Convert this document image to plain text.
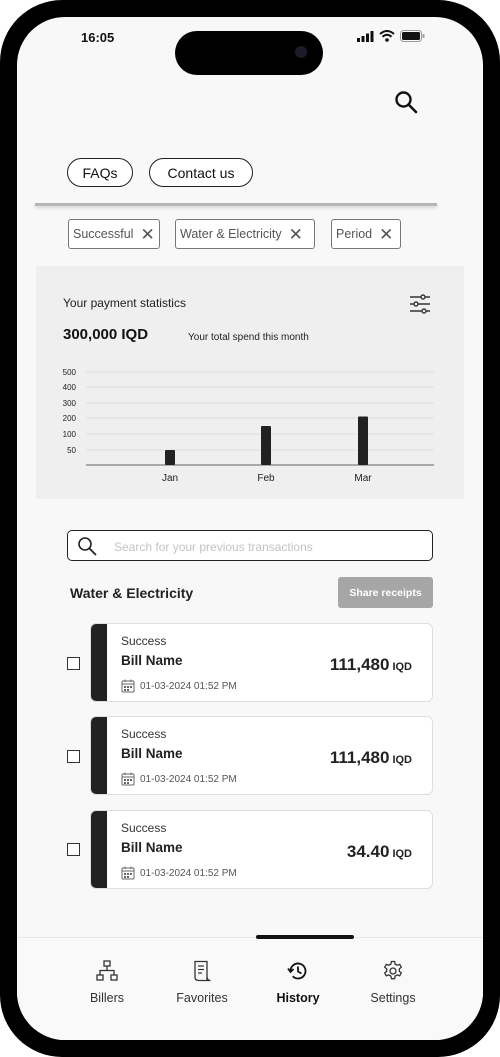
16:05
FAQs	Contact us
Successful ✕ Water & Electricity ✕	Period ✕
Your payment statistics
300,000 IQD	Your total spend this month
50
100
200
300
400
500
Jan	Feb	Mar
Search for your previous transactions
Water & Electricity	Share receipts
Success
Bill Name
01-03-2024 01:52 PM
111,480 IQD
Success
Bill Name
01-03-2024 01:52 PM
111,480 IQD
Success
Bill Name
01-03-2024 01:52 PM
34.40 IQD
Billers	Favorites	History	Settings
